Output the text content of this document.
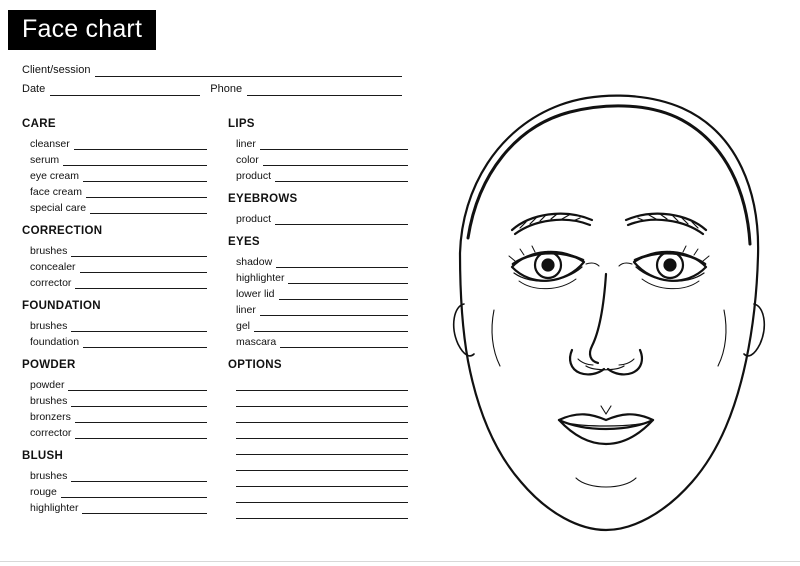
Face chart
Client/session
Date	Phone
CARE
cleanser
serum
eye cream
face cream
special care
CORRECTION
brushes
concealer
corrector
FOUNDATION
brushes
foundation
POWDER
powder
brushes
bronzers
corrector
BLUSH
brushes
rouge
highlighter
LIPS
liner
color
product
EYEBROWS
product
EYES
shadow
highlighter
lower lid
liner
gel
mascara
OPTIONS
